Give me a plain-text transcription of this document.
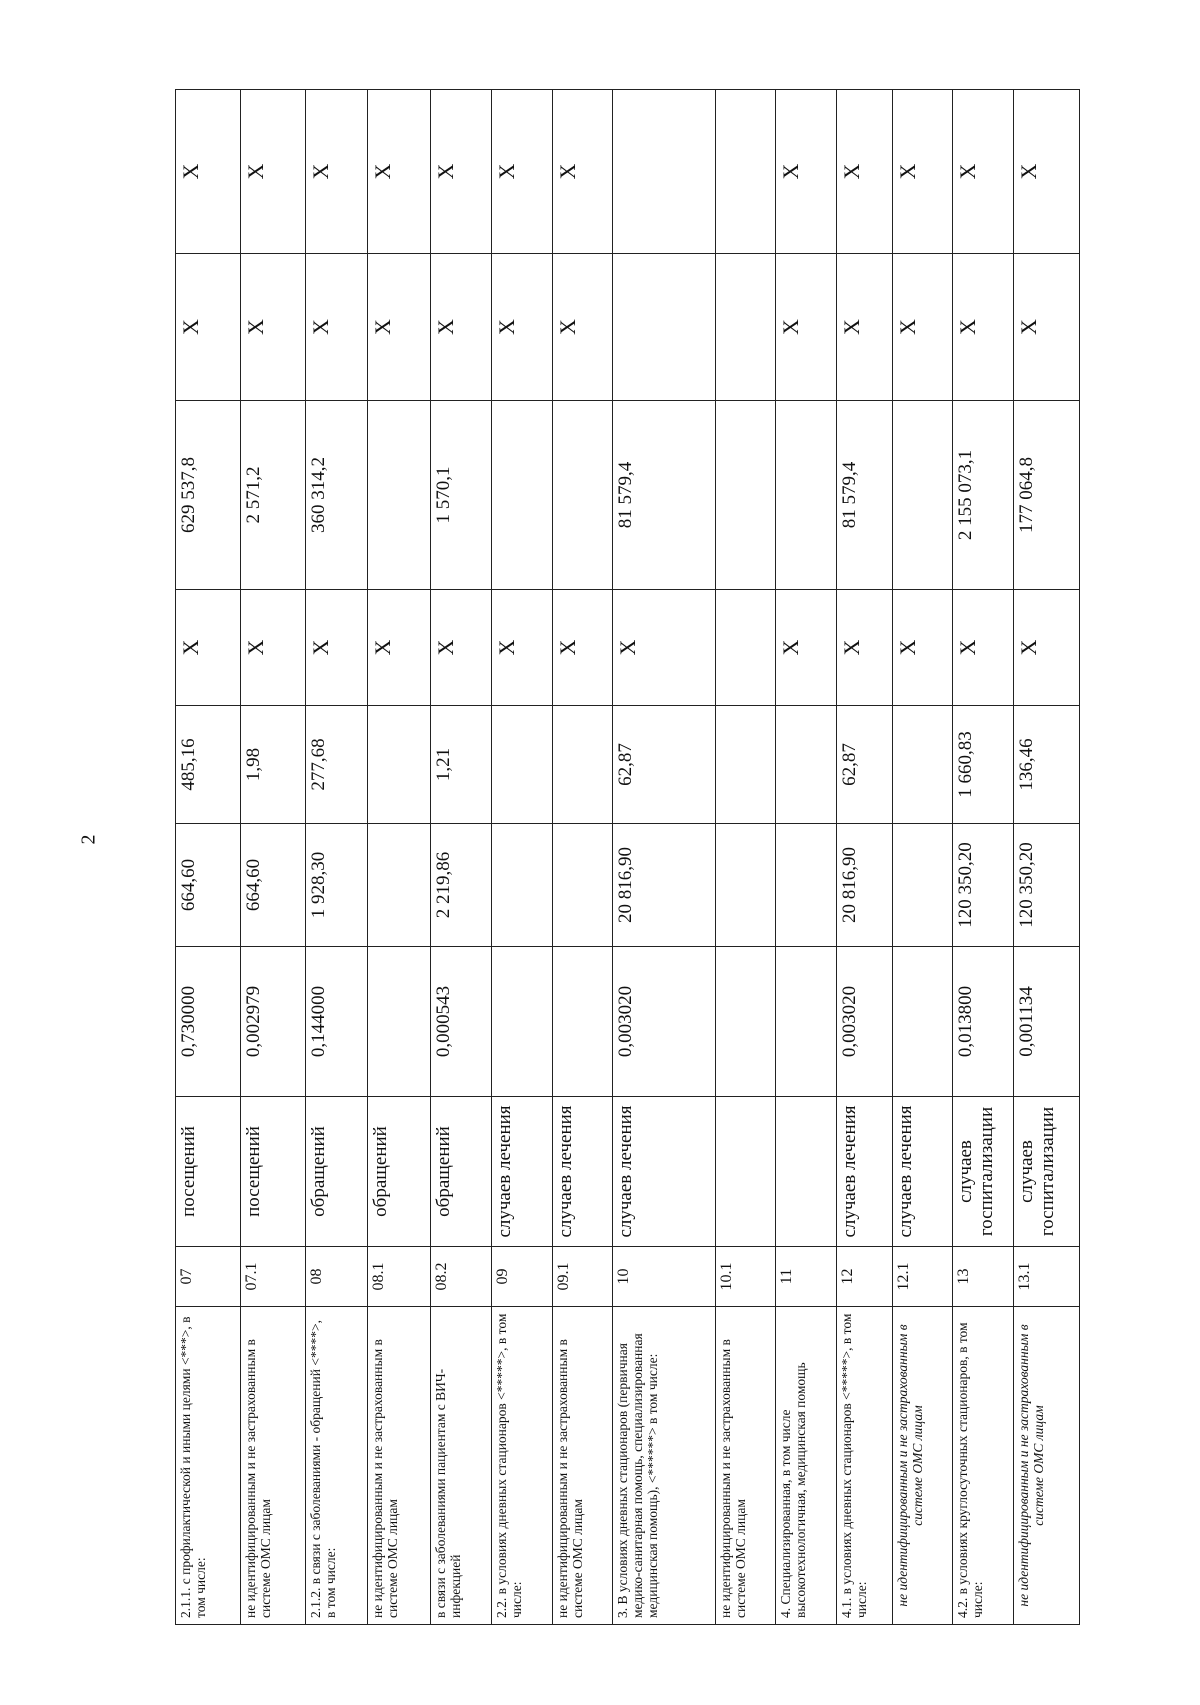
2
2.1.1. с профилактической и иными целями <***>, в том числе:	07	посещений	0,730000	664,60	485,16	X	629 537,8	X	X
не идентифицированным и не застрахованным в системе ОМС лицам	07.1	посещений	0,002979	664,60	1,98	X	2 571,2	X	X
2.1.2. в связи с заболеваниями - обращений <****>, в том числе:	08	обращений	0,144000	1 928,30	277,68	X	360 314,2	X	X
не идентифицированным и не застрахованным в системе ОМС лицам	08.1	обращений				X		X	X
в связи с заболеваниями пациентам с ВИЧ-инфекцией	08.2	обращений	0,000543	2 219,86	1,21	X	1 570,1	X	X
2.2. в условиях дневных стационаров <*****>, в том числе:	09	случаев лечения				X		X	X
не идентифицированным и не застрахованным в системе ОМС лицам	09.1	случаев лечения				X		X	X
3. В условиях дневных стационаров (первичная медико-санитарная помощь, специализированная медицинская помощь), <******> в том числе:	10	случаев лечения	0,003020	20 816,90	62,87	X	81 579,4		
не идентифицированным и не застрахованным в системе ОМС лицам	10.1								
4. Специализированная, в том числе высокотехнологичная, медицинская помощь	11					X		X	X
4.1. в условиях дневных стационаров <*****>, в том числе:	12	случаев лечения	0,003020	20 816,90	62,87	X	81 579,4	X	X
не идентифицированным и не застрахованным в системе ОМС лицам	12.1	случаев лечения				X		X	X
4.2. в условиях круглосуточных стационаров, в том числе:	13	случаев госпитализации	0,013800	120 350,20	1 660,83	X	2 155 073,1	X	X
не идентифицированным и не застрахованным в системе ОМС лицам	13.1	случаев госпитализации	0,001134	120 350,20	136,46	X	177 064,8	X	X
